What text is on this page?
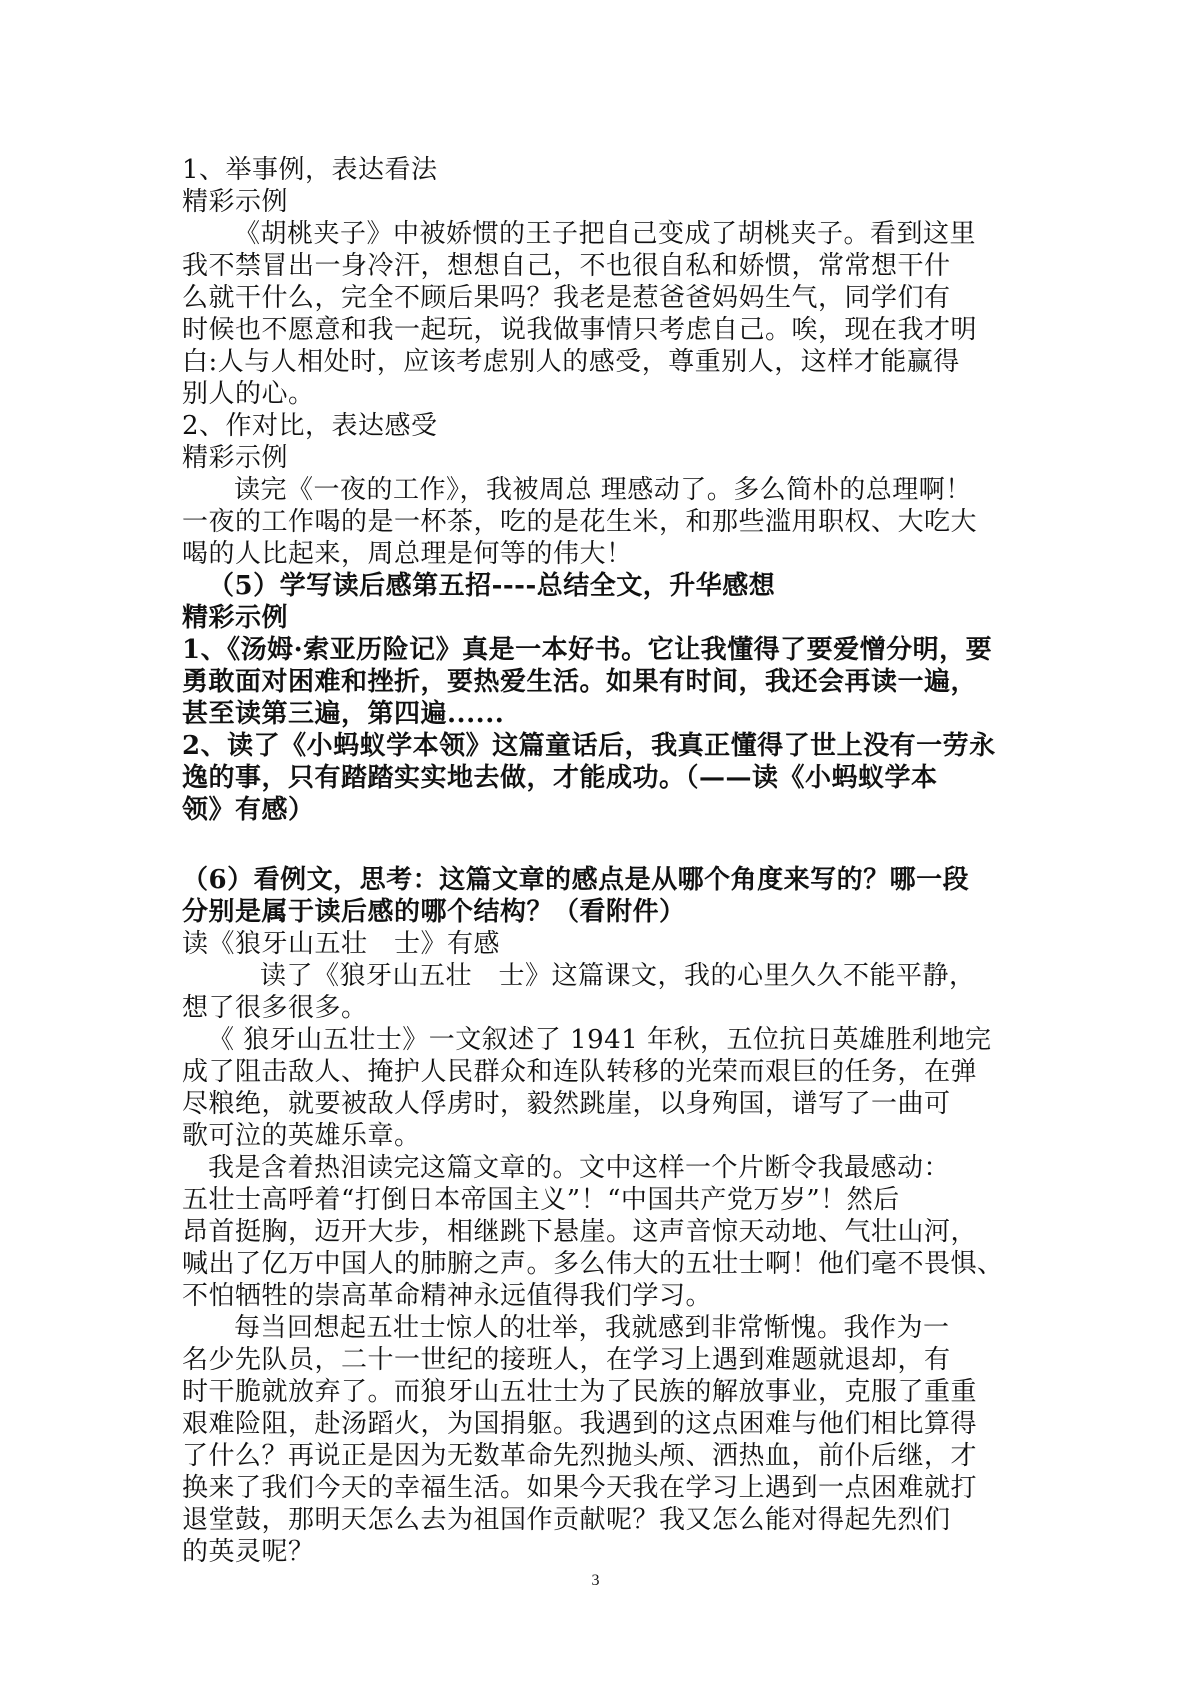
1、举事例，表达看法
精彩示例
《胡桃夹子》中被娇惯的王子把自己变成了胡桃夹子。看到这里
我不禁冒出一身冷汗，想想自己，不也很自私和娇惯，常常想干什
么就干什么，完全不顾后果吗？我老是惹爸爸妈妈生气，同学们有
时候也不愿意和我一起玩，说我做事情只考虑自己。唉，现在我才明
白:人与人相处时，应该考虑别人的感受，尊重别人，这样才能赢得
别人的心。
2、作对比，表达感受
精彩示例
读完《一夜的工作》，我被周总 理感动了。多么简朴的总理啊！
一夜的工作喝的是一杯茶，吃的是花生米，和那些滥用职权、大吃大
喝的人比起来，周总理是何等的伟大！
（5）学写读后感第五招----总结全文，升华感想
精彩示例
1、《汤姆·索亚历险记》真是一本好书。它让我懂得了要爱憎分明，要
勇敢面对困难和挫折，要热爱生活。如果有时间，我还会再读一遍，
甚至读第三遍，第四遍......
2、读了《小蚂蚁学本领》这篇童话后，我真正懂得了世上没有一劳永
逸的事，只有踏踏实实地去做，才能成功。（——读《小蚂蚁学本
领》有感）
（6）看例文，思考：这篇文章的感点是从哪个角度来写的？哪一段
分别是属于读后感的哪个结构？（看附件）
读《狼牙山五壮　士》有感
读了《狼牙山五壮　士》这篇课文，我的心里久久不能平静，
想了很多很多。
《 狼牙山五壮士》一文叙述了 1941 年秋，五位抗日英雄胜利地完
成了阻击敌人、掩护人民群众和连队转移的光荣而艰巨的任务，在弹
尽粮绝，就要被敌人俘虏时，毅然跳崖，以身殉国，谱写了一曲可
歌可泣的英雄乐章。
我是含着热泪读完这篇文章的。文中这样一个片断令我最感动：
五壮士高呼着“打倒日本帝国主义”！“中国共产党万岁”！然后
昂首挺胸，迈开大步，相继跳下悬崖。这声音惊天动地、气壮山河，
喊出了亿万中国人的肺腑之声。多么伟大的五壮士啊！他们毫不畏惧、
不怕牺牲的崇高革命精神永远值得我们学习。
每当回想起五壮士惊人的壮举，我就感到非常惭愧。我作为一
名少先队员，二十一世纪的接班人，在学习上遇到难题就退却，有
时干脆就放弃了。而狼牙山五壮士为了民族的解放事业，克服了重重
艰难险阻，赴汤蹈火，为国捐躯。我遇到的这点困难与他们相比算得
了什么？再说正是因为无数革命先烈抛头颅、洒热血，前仆后继，才
换来了我们今天的幸福生活。如果今天我在学习上遇到一点困难就打
退堂鼓，那明天怎么去为祖国作贡献呢？我又怎么能对得起先烈们
的英灵呢？
3
